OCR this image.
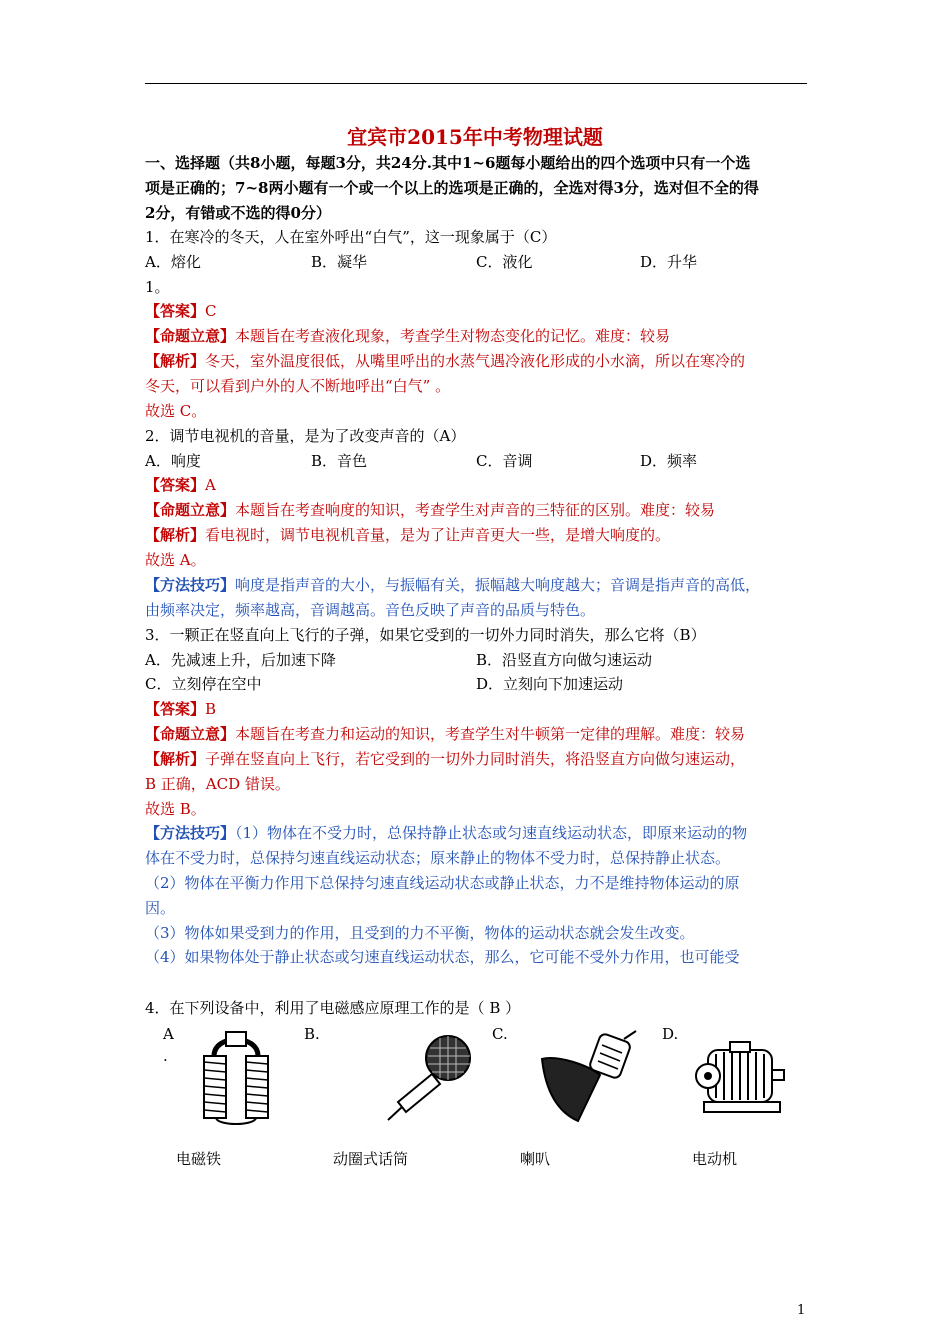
宜宾市2015年中考物理试题
一、选择题（共8小题，每题3分，共24分.其中1~6题每小题给出的四个选项中只有一个选
项是正确的；7~8两小题有一个或一个以上的选项是正确的，全选对得3分，选对但不全的得
2分，有错或不选的得0分）
1．在寒冷的冬天，人在室外呼出“白气”，这一现象属于（C）
A．熔化	B．凝华	C．液化	D．升华
1。
【答案】C
【命题立意】本题旨在考查液化现象，考查学生对物态变化的记忆。难度：较易
【解析】冬天，室外温度很低，从嘴里呼出的水蒸气遇冷液化形成的小水滴，所以在寒冷的
冬天，可以看到户外的人不断地呼出“白气” 。
故选 C。
2．调节电视机的音量，是为了改变声音的（A）
A．响度	B．音色	C．音调	D．频率
【答案】A
【命题立意】本题旨在考查响度的知识，考查学生对声音的三特征的区别。难度：较易
【解析】看电视时，调节电视机音量，是为了让声音更大一些，是增大响度的。
故选 A。
【方法技巧】响度是指声音的大小，与振幅有关，振幅越大响度越大；音调是指声音的高低，
由频率决定，频率越高，音调越高。音色反映了声音的品质与特色。
3．一颗正在竖直向上飞行的子弹，如果它受到的一切外力同时消失，那么它将（B）
A．先减速上升，后加速下降	B．沿竖直方向做匀速运动
C．立刻停在空中	D．立刻向下加速运动
【答案】B
【命题立意】本题旨在考查力和运动的知识，考查学生对牛顿第一定律的理解。难度：较易
【解析】子弹在竖直向上飞行，若它受到的一切外力同时消失，将沿竖直方向做匀速运动，
B 正确，ACD 错误。
故选 B。
【方法技巧】（1）物体在不受力时，总保持静止状态或匀速直线运动状态，即原来运动的物
体在不受力时，总保持匀速直线运动状态；原来静止的物体不受力时，总保持静止状态。
（2）物体在平衡力作用下总保持匀速直线运动状态或静止状态，力不是维持物体运动的原
因。
（3）物体如果受到力的作用，且受到的力不平衡，物体的运动状态就会发生改变。
（4）如果物体处于静止状态或匀速直线运动状态，那么，它可能不受外力作用，也可能受
4．在下列设备中，利用了电磁感应原理工作的是（ B ）
A
.
B.	C.	D.
电磁铁	动圈式话筒	喇叭	电动机
1
